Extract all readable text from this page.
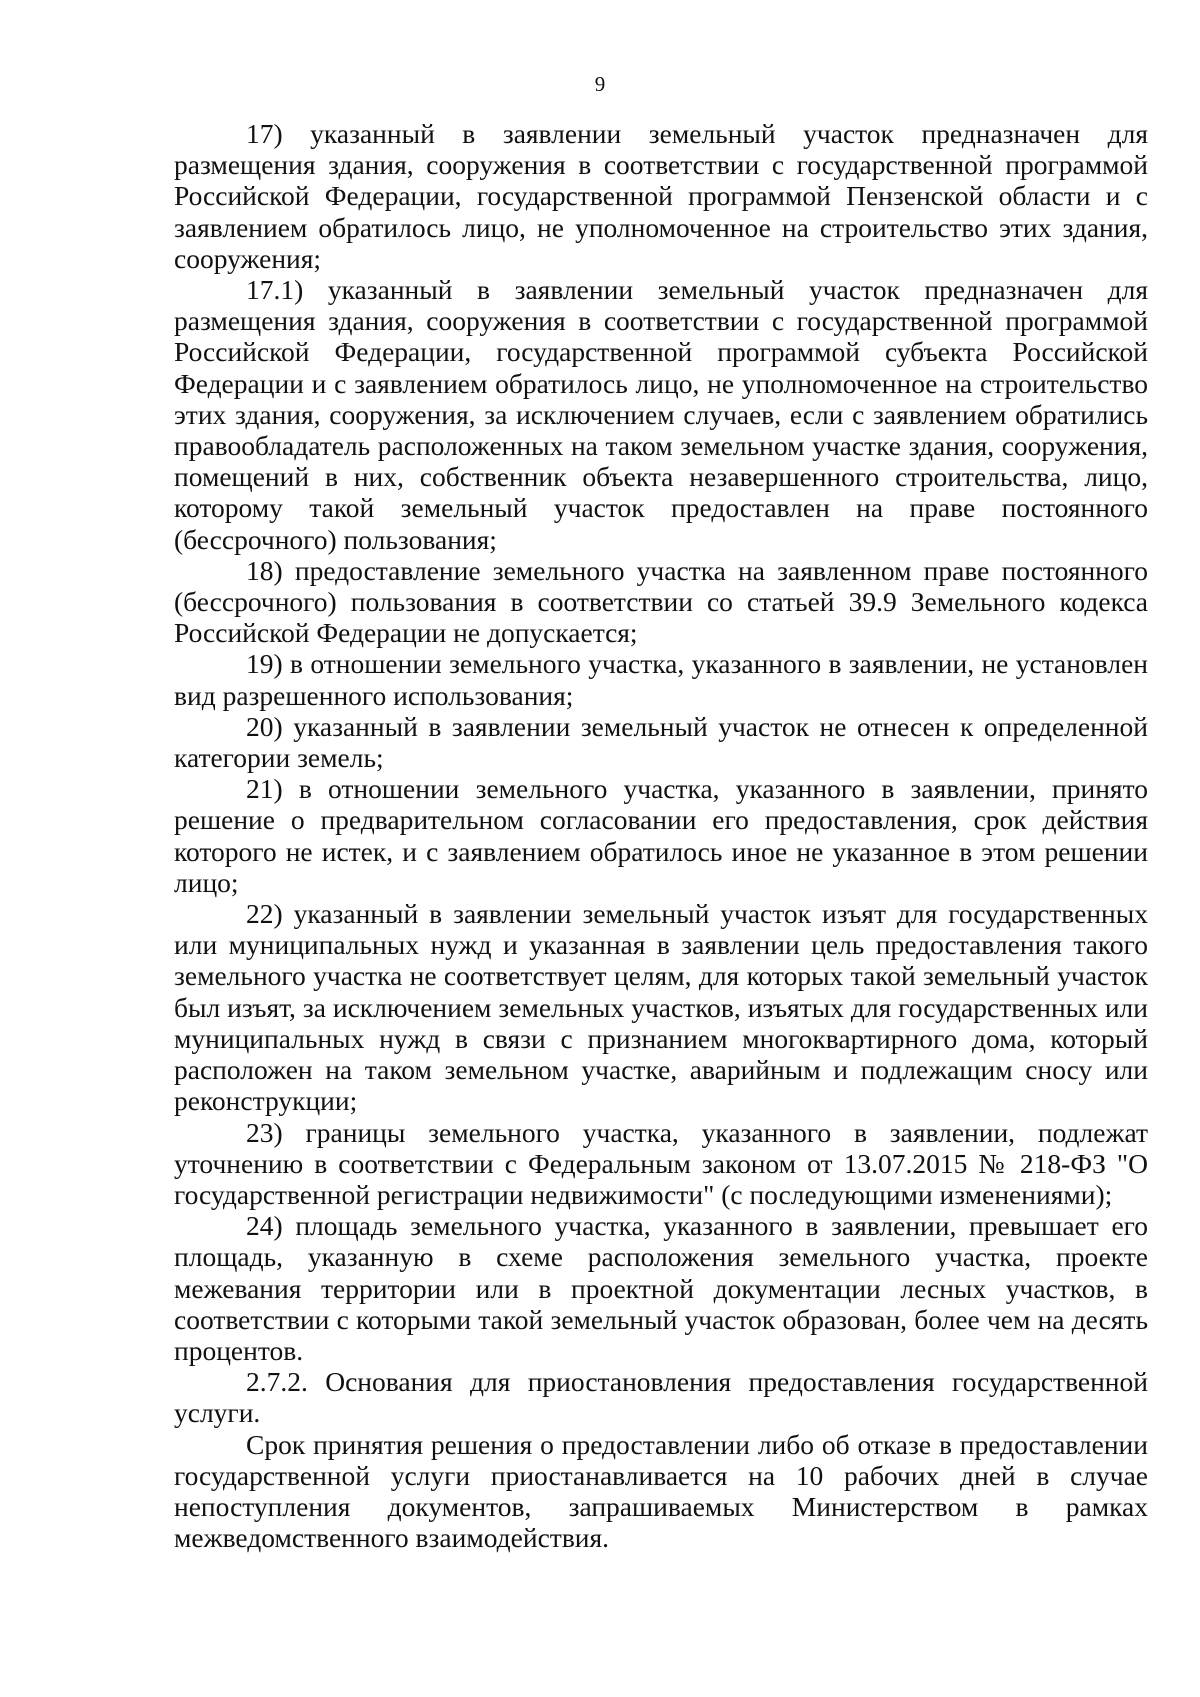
9

17) указанный в заявлении земельный участок предназначен для размещения здания, сооружения в соответствии с государственной программой Российской Федерации, государственной программой Пензенской области и с заявлением обратилось лицо, не уполномоченное на строительство этих здания, сооружения;

17.1) указанный в заявлении земельный участок предназначен для размещения здания, сооружения в соответствии с государственной программой Российской Федерации, государственной программой субъекта Российской Федерации и с заявлением обратилось лицо, не уполномоченное на строительство этих здания, сооружения, за исключением случаев, если с заявлением обратились правообладатель расположенных на таком земельном участке здания, сооружения, помещений в них, собственник объекта незавершенного строительства, лицо, которому такой земельный участок предоставлен на праве постоянного (бессрочного) пользования;

18) предоставление земельного участка на заявленном праве постоянного (бессрочного) пользования в соответствии со статьей 39.9 Земельного кодекса Российской Федерации не допускается;

19) в отношении земельного участка, указанного в заявлении, не установлен вид разрешенного использования;

20) указанный в заявлении земельный участок не отнесен к определенной категории земель;

21) в отношении земельного участка, указанного в заявлении, принято решение о предварительном согласовании его предоставления, срок действия которого не истек, и с заявлением обратилось иное не указанное в этом решении лицо;

22) указанный в заявлении земельный участок изъят для государственных или муниципальных нужд и указанная в заявлении цель предоставления такого земельного участка не соответствует целям, для которых такой земельный участок был изъят, за исключением земельных участков, изъятых для государственных или муниципальных нужд в связи с признанием многоквартирного дома, который расположен на таком земельном участке, аварийным и подлежащим сносу или реконструкции;

23) границы земельного участка, указанного в заявлении, подлежат уточнению в соответствии с Федеральным законом от 13.07.2015 № 218-ФЗ "О государственной регистрации недвижимости" (с последующими изменениями);

24) площадь земельного участка, указанного в заявлении, превышает его площадь, указанную в схеме расположения земельного участка, проекте межевания территории или в проектной документации лесных участков, в соответствии с которыми такой земельный участок образован, более чем на десять процентов.

2.7.2. Основания для приостановления предоставления государственной услуги.

Срок принятия решения о предоставлении либо об отказе в предоставлении государственной услуги приостанавливается на 10 рабочих дней в случае непоступления документов, запрашиваемых Министерством в рамках межведомственного взаимодействия.
